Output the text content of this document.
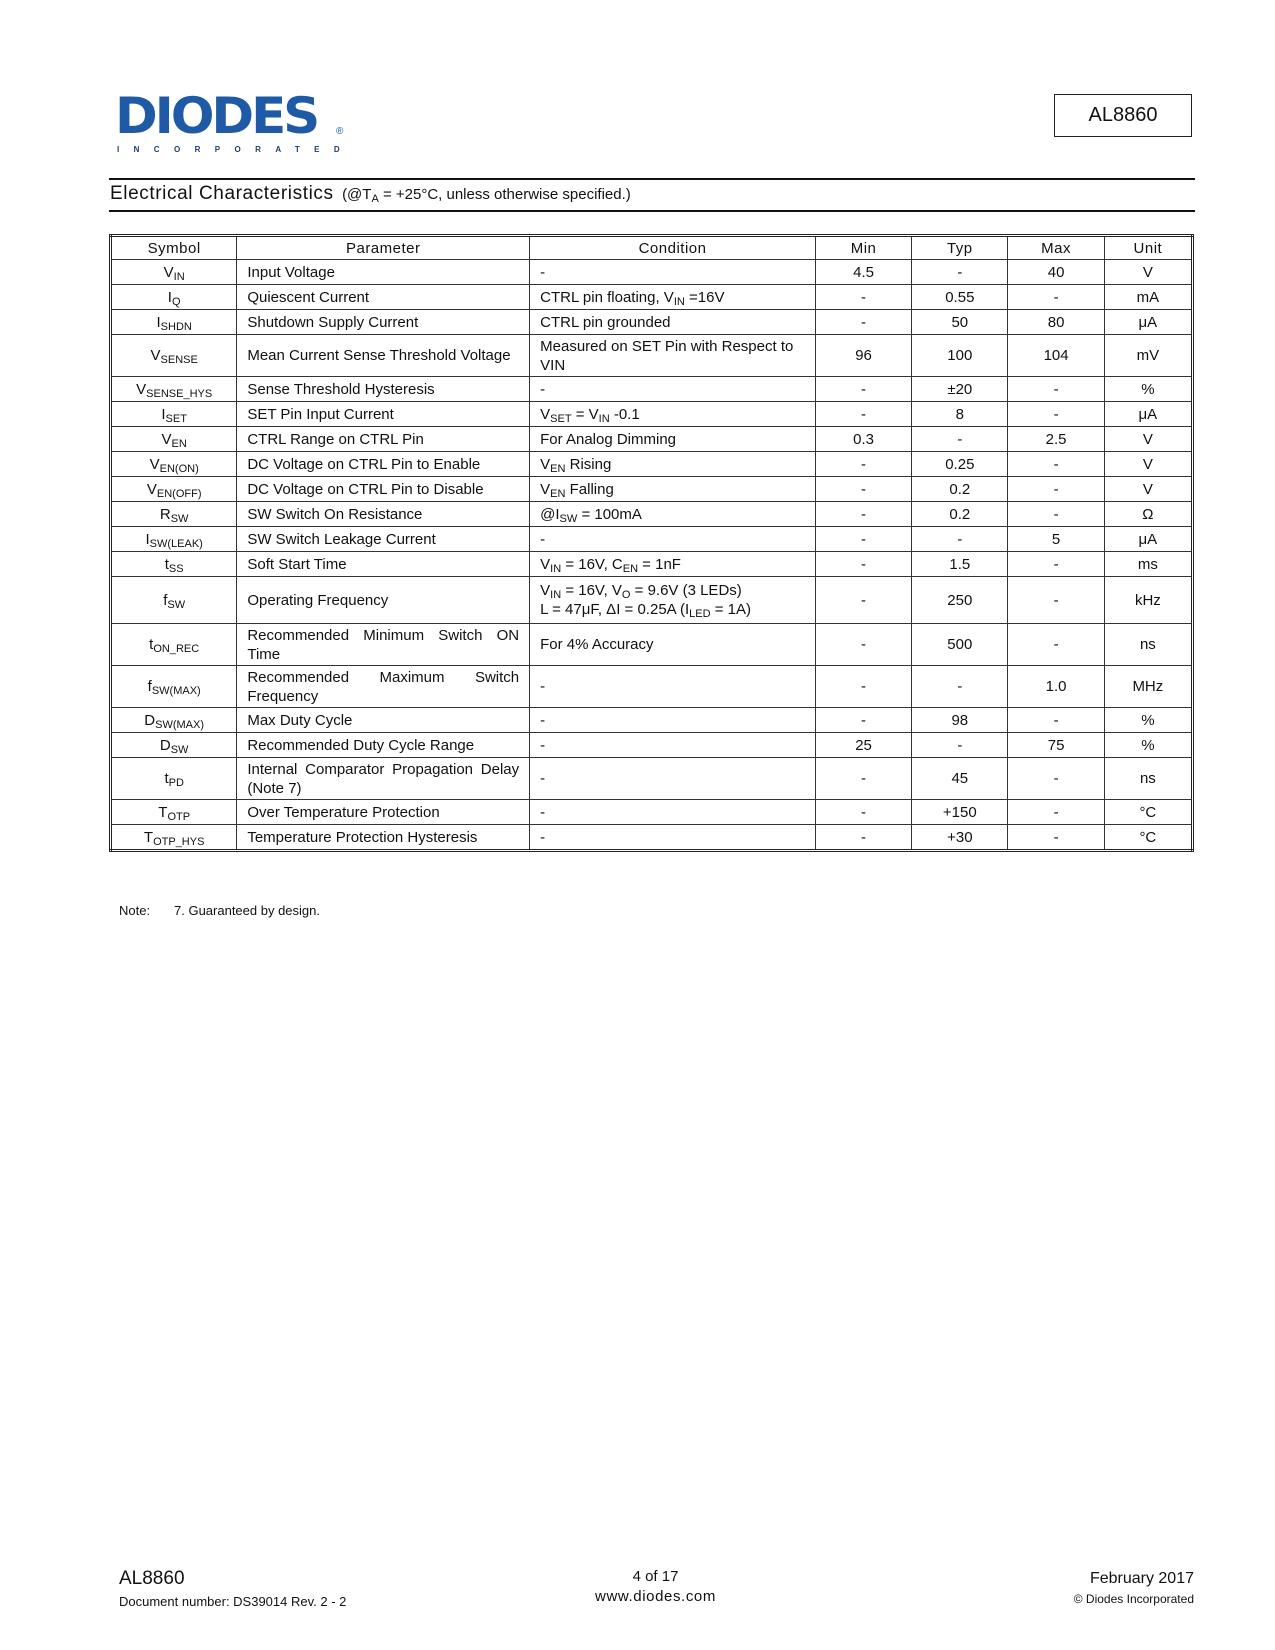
DIODES ®
INCORPORATED
AL8860
Electrical Characteristics ($@T_A = +25^\circ C$, unless otherwise specified.)
Symbol	Parameter	Condition	Min	Typ	Max	Unit
$V_{IN}$	Input Voltage	-	4.5	-	40	V
$I_Q$	Quiescent Current	CTRL pin floating, $V_{IN} =16V$	-	0.55	-	mA
$I_{SHDN}$	Shutdown Supply Current	CTRL pin grounded	-	50	80	μA
$V_{SENSE}$	Mean Current Sense Threshold Voltage	Measured on SET Pin with Respect to VIN	96	100	104	mV
$V_{SENSE\_HYS}$	Sense Threshold Hysteresis	-	-	±20	-	%
$I_{SET}$	SET Pin Input Current	$V_{SET} = V_{IN}$ -0.1	-	8	-	μA
$V_{EN}$	CTRL Range on CTRL Pin	For Analog Dimming	0.3	-	2.5	V
$V_{EN(ON)}$	DC Voltage on CTRL Pin to Enable	$V_{EN}$ Rising	-	0.25	-	V
$V_{EN(OFF)}$	DC Voltage on CTRL Pin to Disable	$V_{EN}$ Falling	-	0.2	-	V
$R_{SW}$	SW Switch On Resistance	$@I_{SW} = 100mA$	-	0.2	-	Ω
$I_{SW(LEAK)}$	SW Switch Leakage Current	-	-	-	5	μA
$t_{SS}$	Soft Start Time	$V_{IN} = 16V$, $C_{EN} = 1nF$	-	1.5	-	ms
$f_{SW}$	Operating Frequency	$V_{IN} = 16V$, $V_O = 9.6V$ (3 LEDs)
L = 47μF, ΔI = 0.25A $(I_{LED} = 1A)$	-	250	-	kHz
$t_{ON\_REC}$	Recommended Minimum Switch ON Time	For 4% Accuracy	-	500	-	ns
$f_{SW(MAX)}$	Recommended Maximum Switch Frequency	-	-	-	1.0	MHz
$D_{SW(MAX)}$	Max Duty Cycle	-	-	98	-	%
$D_{SW}$	Recommended Duty Cycle Range	-	25	-	75	%
$t_{PD}$	Internal Comparator Propagation Delay (Note 7)	-	-	45	-	ns
$T_{OTP}$	Over Temperature Protection	-	-	+150	-	°C
$T_{OTP\_HYS}$	Temperature Protection Hysteresis	-	-	+30	-	°C
Note: 7. Guaranteed by design.
AL8860
Document number: DS39014 Rev. 2 - 2
4 of 17
www.diodes.com
February 2017
© Diodes Incorporated
